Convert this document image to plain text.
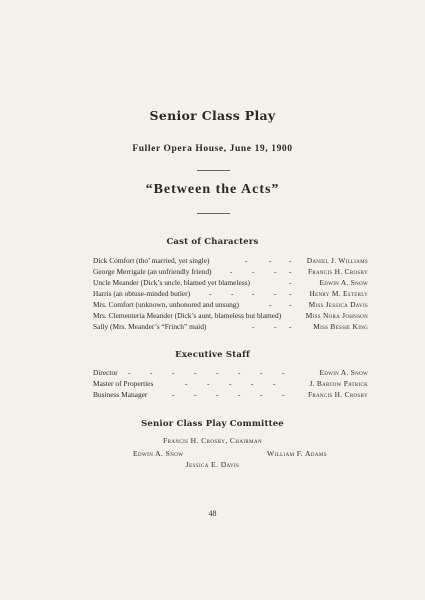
Senior Class Play
Fuller Opera House, June 19, 1900
“Between the Acts”
Cast of Characters
Dick Comfort (tho’ married, yet single)	-	- - Daniel J. Williams
George Merrigale (an unfriendly friend)	-	-	- - Francis H. Crosby
Uncle Meander (Dick’s uncle, blamed yet blameless)	-	Edwin A. Snow
Harris (an obtuse-minded butler)	-	-	-	- - Henry M. Esterly
Mrs. Comfort (unknown, unhonored and unsung)	- - Miss Jessica Davis
Mrs. Clementeria Meander (Dick’s aunt, blameless but blamed)	Miss Nora Johnson
Sally (Mrs. Meander’s “Frinch” maid)	-	- -	Miss Bessie King
Executive Staff
Director -	-	-	-	-	-	-	-	Edwin A. Snow
Master of Properties	-	-	-	-	-	J. Bartow Patrick
Business Manager	-	-	-	-	-	-	Francis H. Crosby
Senior Class Play Committee
Francis H. Crosby, Chairman
Edwin A. Snow	William F. Adams
Jessica E. Davis
48
